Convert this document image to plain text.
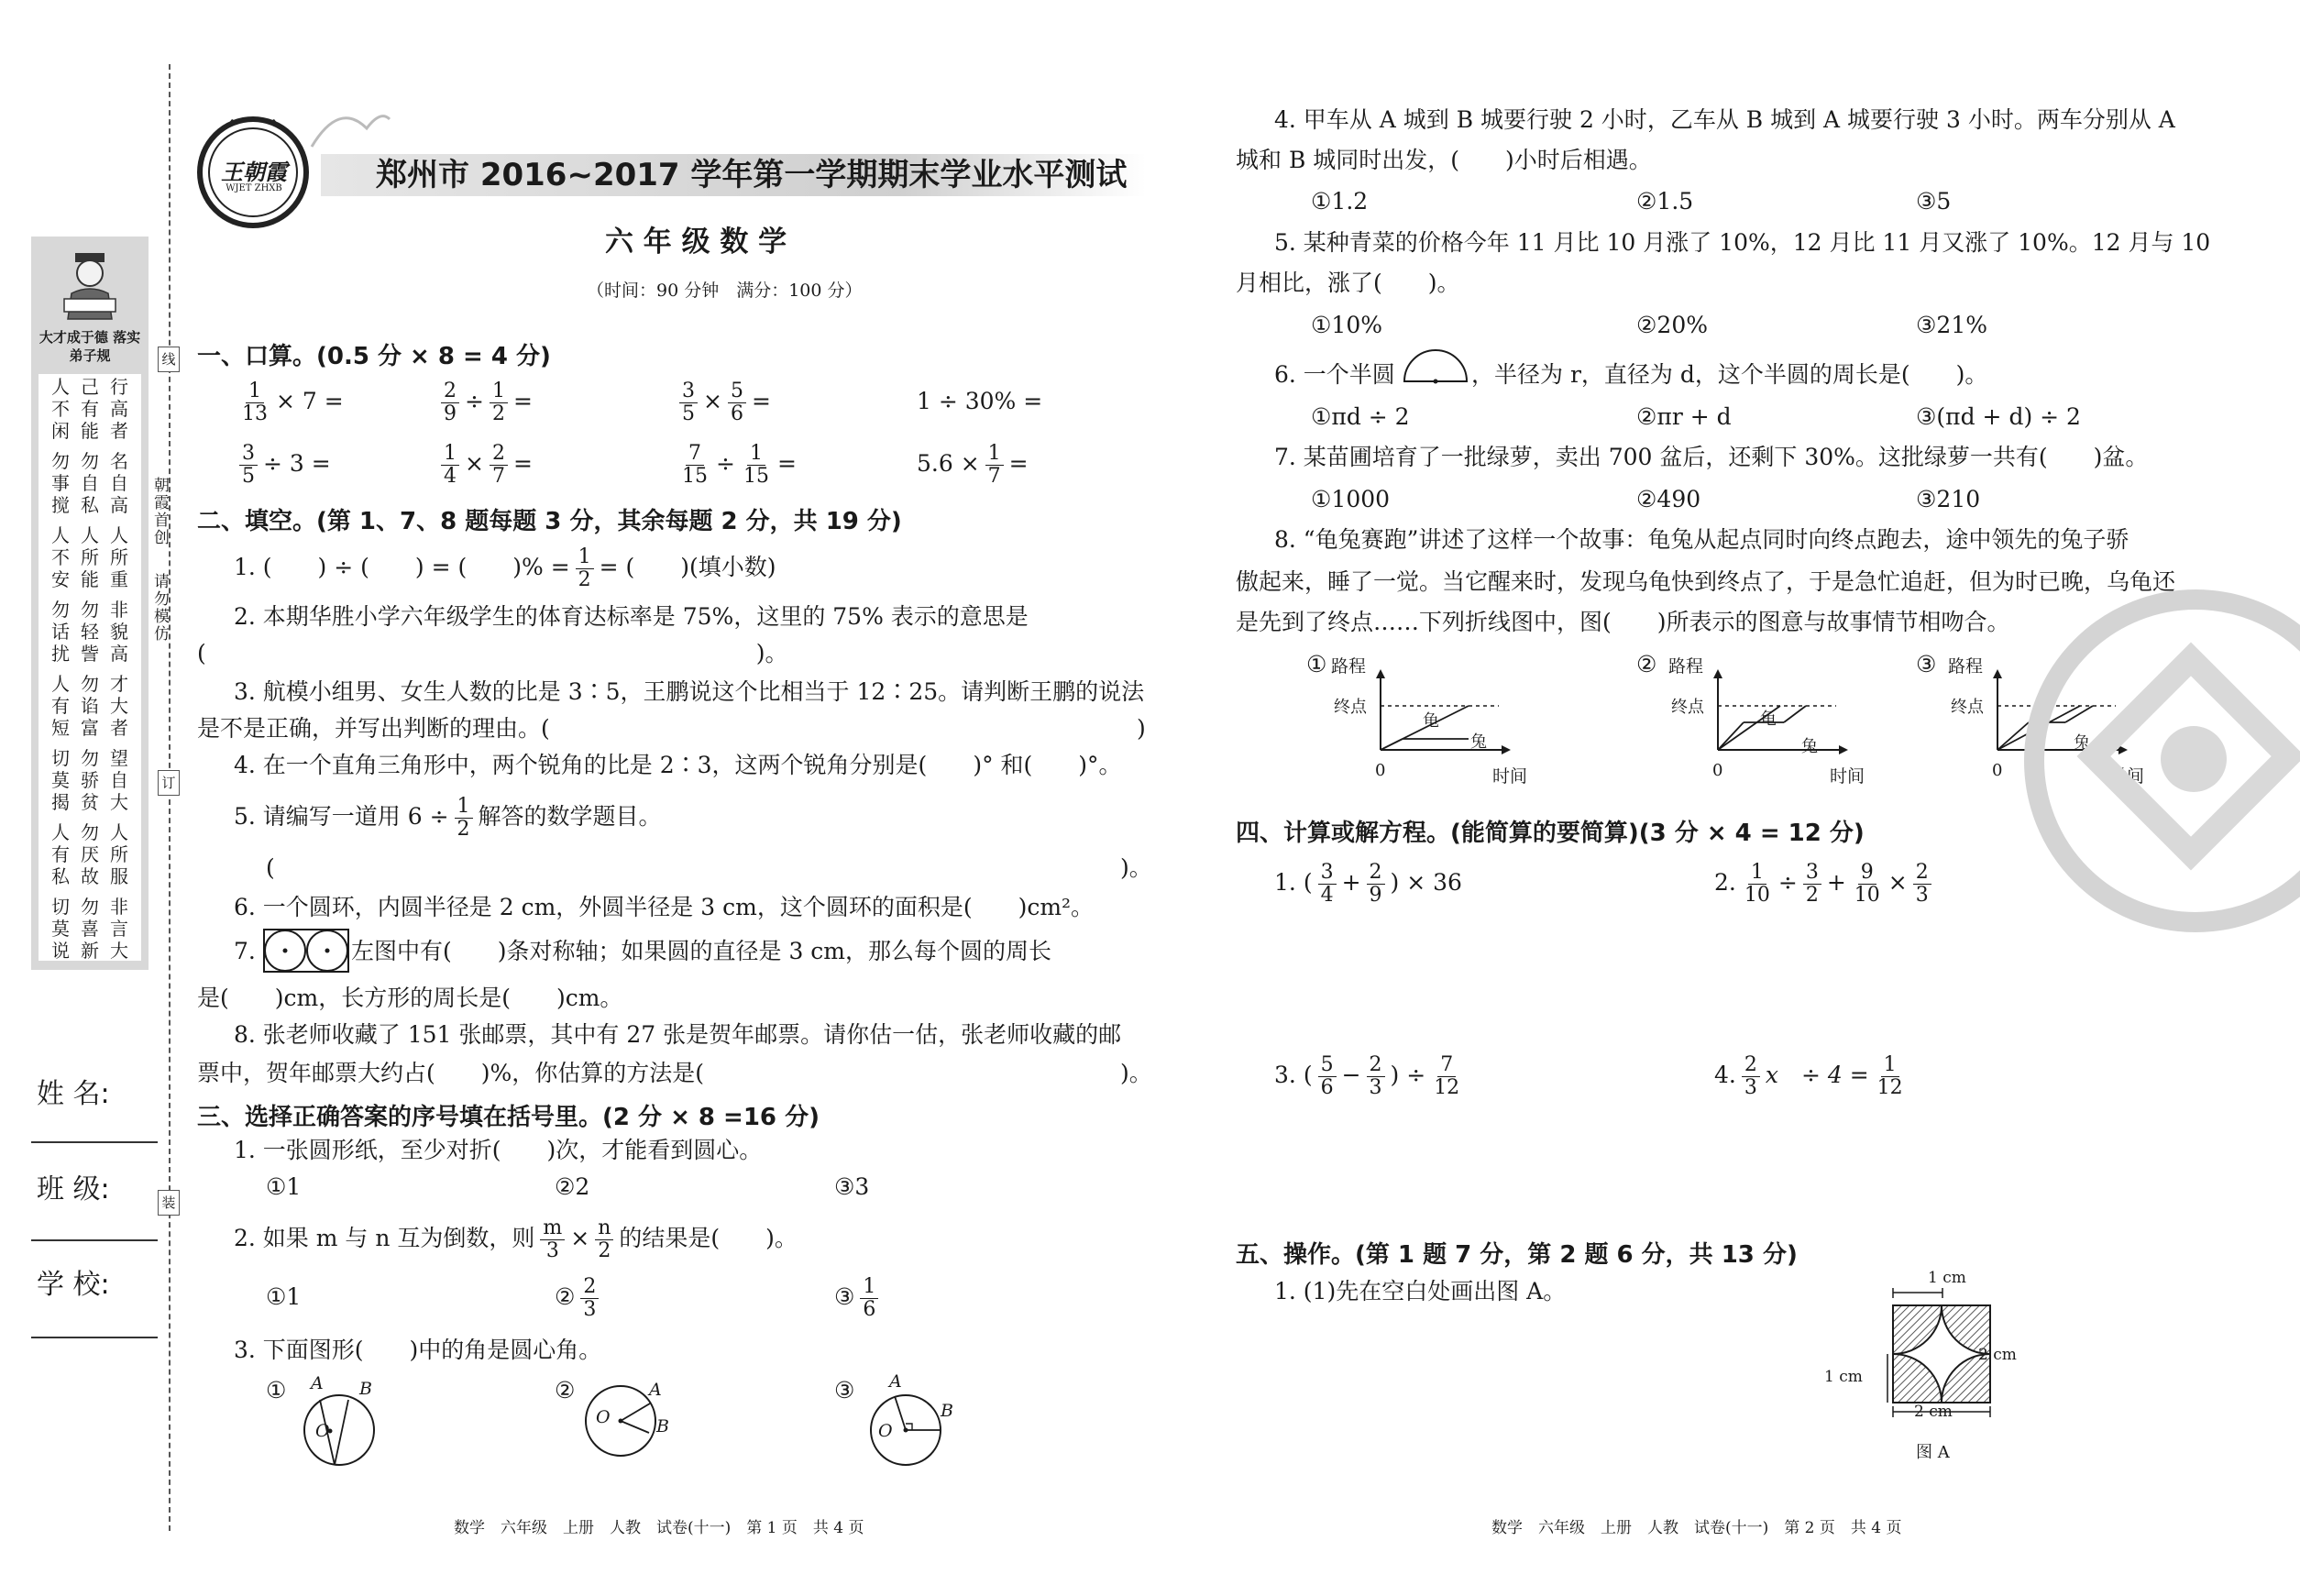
线
订
装
朝霞首创
请勿模仿
大才成于德 落实弟子规
人
不
闲
勿
事
搅
人
不
安
勿
话
扰
人
有
短
切
莫
揭
人
有
私
切
莫
说
己
有
能
勿
自
私
人
所
能
勿
轻
訾
勿
谄
富
勿
骄
贫
勿
厌
故
勿
喜
新
行
高
者
名
自
高
人
所
重
非
貌
高
才
大
者
望
自
大
人
所
服
非
言
大
姓 名:
班 级:
学 校:
王朝霞
WJET ZHXB	郑州市 2016~2017 学年第一学期期末学业水平测试
六 年 级 数 学
（时间：90 分钟　满分：100 分）
一、口算。(0.5 分 × 8 = 4 分)
$\frac{1}{13} \times 7$ =	$\frac{2}{9} \div \frac{1}{2}$ =	$\frac{3}{5} \times \frac{5}{6}$ =	1 ÷ 30% =
$\frac{3}{5} \div 3$ =	$\frac{1}{4} \times \frac{2}{7}$ =	$\frac{7}{15} \div \frac{1}{15}$ =	$5.6 \times \frac{1}{7}$ =
二、填空。(第 1、7、8 题每题 3 分，其余每题 2 分，共 19 分)
1. (　　) ÷ (　　) = (　　)% = $\frac{1}{2}$ = (　　)(填小数)
2. 本期华胜小学六年级学生的体育达标率是 75%，这里的 75% 表示的意思是
(　　　　　　　　　　　　　　　　　　　　　　　　)。
3. 航模小组男、女生人数的比是 3∶5，王鹏说这个比相当于 12∶25。请判断王鹏的说法
是不是正确，并写出判断的理由。(	)
4. 在一个直角三角形中，两个锐角的比是 2∶3，这两个锐角分别是(　　)° 和(　　)°。
5. 请编写一道用 $6 \div \frac{1}{2}$ 解答的数学题目。
(	)。
6. 一个圆环，内圆半径是 2 cm，外圆半径是 3 cm，这个圆环的面积是(　　)cm²。
7.	左图中有(　　)条对称轴；如果圆的直径是 3 cm，那么每个圆的周长
是(　　)cm，长方形的周长是(　　)cm。
8. 张老师收藏了 151 张邮票，其中有 27 张是贺年邮票。请你估一估，张老师收藏的邮
票中，贺年邮票大约占(　　)%，你估算的方法是(	)。
三、选择正确答案的序号填在括号里。(2 分 × 8 =16 分)
1. 一张圆形纸，至少对折(　　)次，才能看到圆心。
①1	②2	③3
2. 如果 m 与 n 互为倒数，则 $\frac{m}{3} \times \frac{n}{2}$ 的结果是(　　)。
①1	② $\frac{2}{3}$	③ $\frac{1}{6}$
3. 下面图形(　　)中的角是圆心角。
① A B
O
②	A
B
O
③ A
B
O
数学　六年级　上册　人教　试卷(十一)　第 1 页　共 4 页
4. 甲车从 A 城到 B 城要行驶 2 小时，乙车从 B 城到 A 城要行驶 3 小时。两车分别从 A
城和 B 城同时出发，(　　)小时后相遇。
①1.2	②1.5	③5
5. 某种青菜的价格今年 11 月比 10 月涨了 10%，12 月比 11 月又涨了 10%。12 月与 10
月相比，涨了(　　)。
①10%	②20%	③21%
6. 一个半圆	，半径为 r，直径为 d，这个半圆的周长是(　　)。
①πd ÷ 2	②πr + d	③(πd + d) ÷ 2
7. 某苗圃培育了一批绿萝，卖出 700 盆后，还剩下 30%。这批绿萝一共有(　　)盆。
①1000	②490	③210
8. “龟兔赛跑”讲述了这样一个故事：龟兔从起点同时向终点跑去，途中领先的兔子骄
傲起来，睡了一觉。当它醒来时，发现乌龟快到终点了，于是急忙追赶，但为时已晚，乌龟还
是先到了终点……下列折线图中，图(　　)所表示的图意与故事情节相吻合。
① 路程
终点
龟
兔
0	时间
② 路程
终点
龟
兔
0	时间
③ 路程
终点
龟
兔
0	时间
四、计算或解方程。(能简算的要简算)(3 分 × 4 = 12 分)
1. ( $\frac{3}{4} + \frac{2}{9}$ ) × 36	2. $\frac{1}{10} \div \frac{3}{2} + \frac{9}{10} \times \frac{2}{3}$
3. ( $\frac{5}{6} - \frac{2}{3}$ ) ÷ $\frac{7}{12}$	4. $\frac{2}{3}$ x　÷ $4 = \frac{1}{12}$
五、操作。(第 1 题 7 分，第 2 题 6 分，共 13 分)
1. (1)先在空白处画出图 A。	1 cm
2 cm
1 cm
2 cm
图 A
数学　六年级　上册　人教　试卷(十一)　第 2 页　共 4 页
